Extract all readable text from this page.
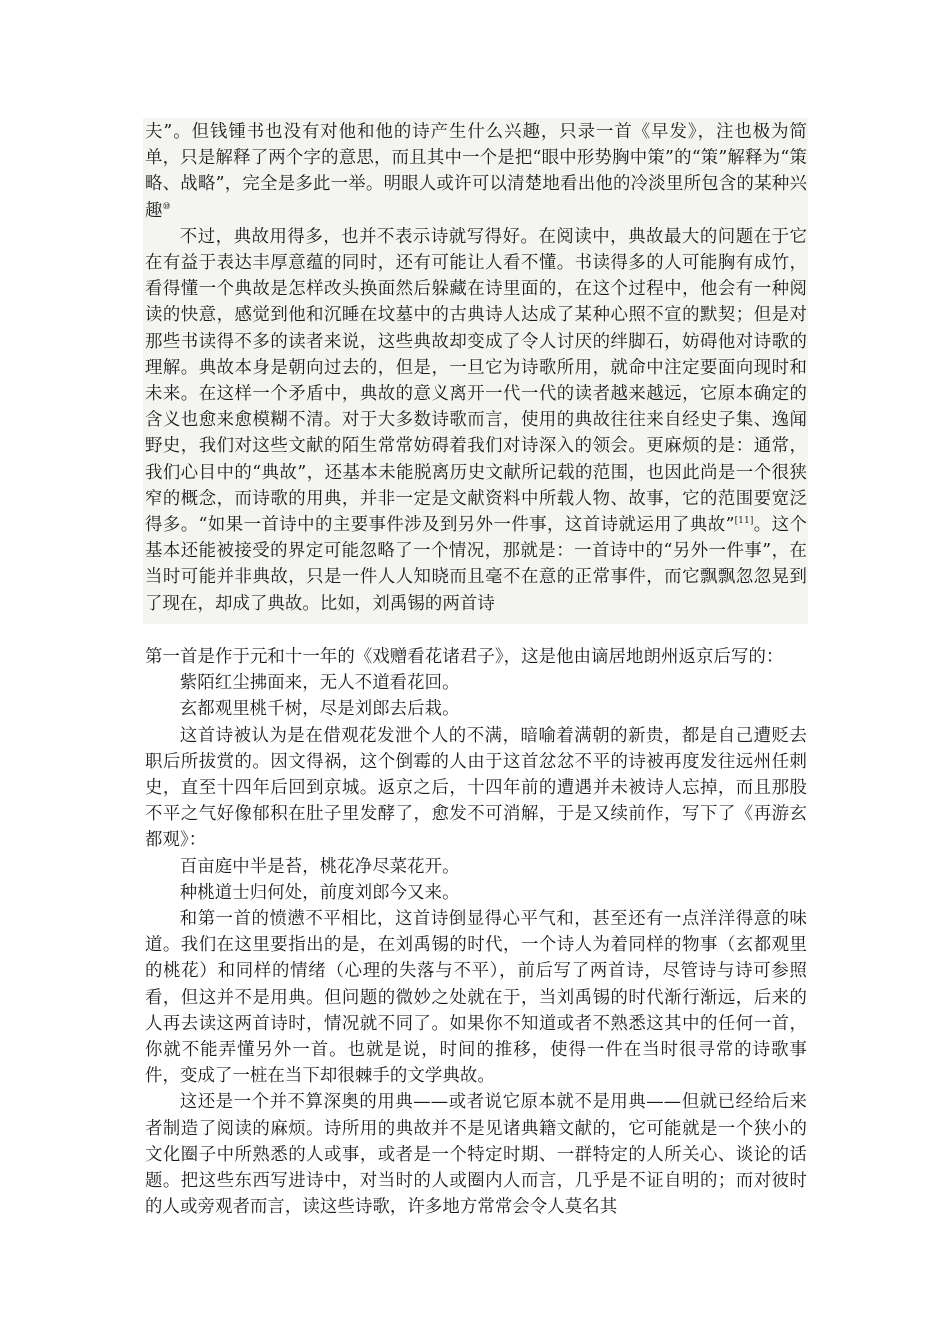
夫”。但钱锺书也没有对他和他的诗产生什么兴趣，只录一首《早发》，注也极为简单，只是解释了两个字的意思，而且其中一个是把“眼中形势胸中策”的“策”解释为“策略、战略”，完全是多此一举。明眼人或许可以清楚地看出他的冷淡里所包含的某种兴趣⑩

不过，典故用得多，也并不表示诗就写得好。在阅读中，典故最大的问题在于它在有益于表达丰厚意蕴的同时，还有可能让人看不懂。书读得多的人可能胸有成竹，看得懂一个典故是怎样改头换面然后躲藏在诗里面的，在这个过程中，他会有一种阅读的快意，感觉到他和沉睡在坟墓中的古典诗人达成了某种心照不宣的默契；但是对那些书读得不多的读者来说，这些典故却变成了令人讨厌的绊脚石，妨碍他对诗歌的理解。典故本身是朝向过去的，但是，一旦它为诗歌所用，就命中注定要面向现时和未来。在这样一个矛盾中，典故的意义离开一代一代的读者越来越远，它原本确定的含义也愈来愈模糊不清。对于大多数诗歌而言，使用的典故往往来自经史子集、逸闻野史，我们对这些文献的陌生常常妨碍着我们对诗深入的领会。更麻烦的是：通常，我们心目中的“典故”，还基本未能脱离历史文献所记载的范围，也因此尚是一个很狭窄的概念，而诗歌的用典，并非一定是文献资料中所载人物、故事，它的范围要宽泛得多。“如果一首诗中的主要事件涉及到另外一件事，这首诗就运用了典故”[11]。这个基本还能被接受的界定可能忽略了一个情况，那就是：一首诗中的“另外一件事”，在当时可能并非典故，只是一件人人知晓而且毫不在意的正常事件，而它飘飘忽忽晃到了现在，却成了典故。比如，刘禹锡的两首诗

第一首是作于元和十一年的《戏赠看花诸君子》，这是他由谪居地朗州返京后写的：

紫陌红尘拂面来，无人不道看花回。

玄都观里桃千树，尽是刘郎去后栽。

这首诗被认为是在借观花发泄个人的不满，暗喻着满朝的新贵，都是自己遭贬去职后所拔赏的。因文得祸，这个倒霉的人由于这首忿忿不平的诗被再度发往远州任刺史，直至十四年后回到京城。返京之后，十四年前的遭遇并未被诗人忘掉，而且那股不平之气好像郁积在肚子里发酵了，愈发不可消解，于是又续前作，写下了《再游玄都观》：

百亩庭中半是苔，桃花净尽菜花开。

种桃道士归何处，前度刘郎今又来。

和第一首的愤懑不平相比，这首诗倒显得心平气和，甚至还有一点洋洋得意的味道。我们在这里要指出的是，在刘禹锡的时代，一个诗人为着同样的物事（玄都观里的桃花）和同样的情绪（心理的失落与不平），前后写了两首诗，尽管诗与诗可参照看，但这并不是用典。但问题的微妙之处就在于，当刘禹锡的时代渐行渐远，后来的人再去读这两首诗时，情况就不同了。如果你不知道或者不熟悉这其中的任何一首，你就不能弄懂另外一首。也就是说，时间的推移，使得一件在当时很寻常的诗歌事件，变成了一桩在当下却很棘手的文学典故。

这还是一个并不算深奥的用典——或者说它原本就不是用典——但就已经给后来者制造了阅读的麻烦。诗所用的典故并不是见诸典籍文献的，它可能就是一个狭小的文化圈子中所熟悉的人或事，或者是一个特定时期、一群特定的人所关心、谈论的话题。把这些东西写进诗中，对当时的人或圈内人而言，几乎是不证自明的；而对彼时的人或旁观者而言，读这些诗歌，许多地方常常会令人莫名其
